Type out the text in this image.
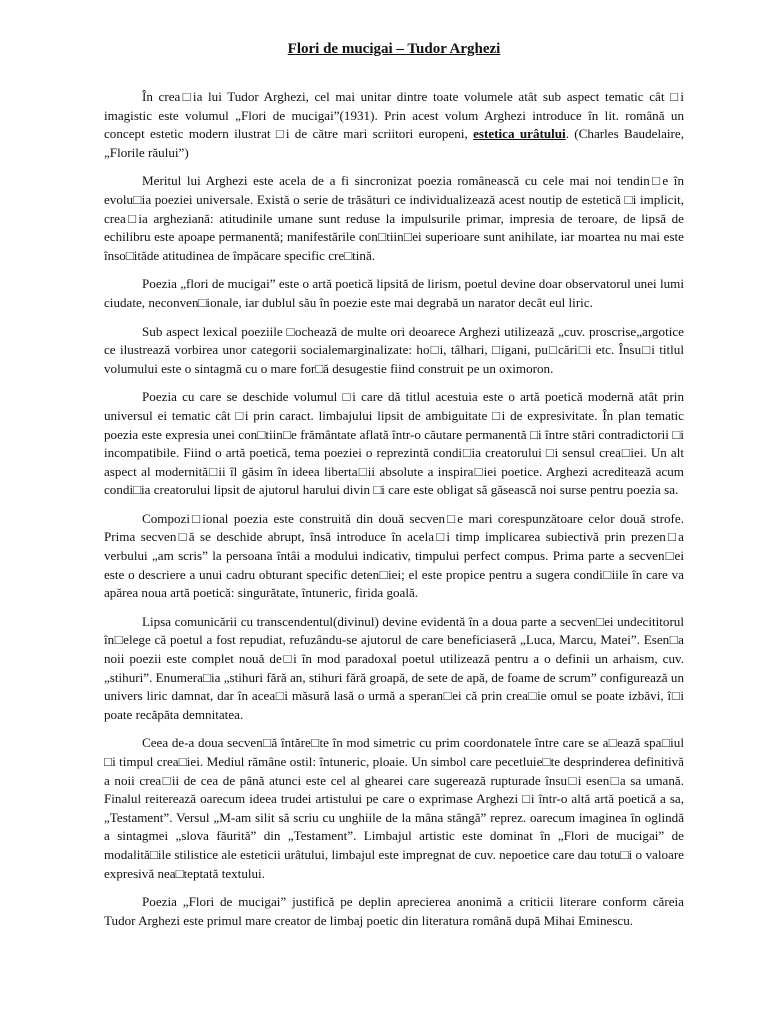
Flori de mucigai – Tudor Arghezi

În crea□ia lui Tudor Arghezi, cel mai unitar dintre toate volumele atât sub aspect tematic cât □i imagistic este volumul „Flori de mucigai”(1931). Prin acest volum Arghezi introduce în lit. română un concept estetic modern ilustrat □i de către mari scriitori europeni, estetica urâtului. (Charles Baudelaire, „Florile răului”)

Meritul lui Arghezi este acela de a fi sincronizat poezia românească cu cele mai noi tendin□e în evolu□ia poeziei universale. Există o serie de trăsături ce individualizează acest noutip de estetică □i implicit, crea□ia argheziană: atitudinile umane sunt reduse la impulsurile primar, impresia de teroare, de lipsă de echilibru este apoape permanentă; manifestările con□tiin□ei superioare sunt anihilate, iar moartea nu mai este înso□ităde atitudinea de împăcare specific cre□tină.

Poezia „flori de mucigai” este o artă poetică lipsită de lirism, poetul devine doar observatorul unei lumi ciudate, neconven□ionale, iar dublul său în poezie este mai degrabă un narator decât eul liric.

Sub aspect lexical poeziile □ochează de multe ori deoarece Arghezi utilizează „cuv. proscrise„argotice ce ilustrează vorbirea unor categorii socialemarginalizate: ho□i, tâlhari, □igani, pu□cări□i etc. Însu□i titlul volumului este o sintagmă cu o mare for□ă desugestie fiind construit pe un oximoron.

Poezia cu care se deschide volumul □i care dă titlul acestuia este o artă poetică modernă atât prin universul ei tematic cât □i prin caract. limbajului lipsit de ambiguitate □i de expresivitate. În plan tematic poezia este expresia unei con□tiin□e frământate aflată într-o căutare permanentă □i între stări contradictorii □i incompatibile. Fiind o artă poetică, tema poeziei o reprezintă condi□ia creatorului □i sensul crea□iei. Un alt aspect al modernită□ii îl găsim în ideea liberta□ii absolute a inspira□iei poetice. Arghezi acreditează acum condi□ia creatorului lipsit de ajutorul harului divin □i care este obligat să găsească noi surse pentru poezia sa.

Compozi□ional poezia este construită din două secven□e mari corespunzătoare celor două strofe. Prima secven□ă se deschide abrupt, însă introduce în acela□i timp implicarea subiectivă prin prezen□a verbului „am scris” la persoana întâi a modului indicativ, timpului perfect compus. Prima parte a secven□ei este o descriere a unui cadru obturant specific deten□iei; el este propice pentru a sugera condi□iile în care va apărea noua artă poetică: singurătate, întuneric, firida goală.

Lipsa comunicării cu transcendentul(divinul) devine evidentă în a doua parte a secven□ei undecititorul în□elege că poetul a fost repudiat, refuzându-se ajutorul de care beneficiaseră „Luca, Marcu, Matei”. Esen□a noii poezii este complet nouă de□i în mod paradoxal poetul utilizează pentru a o definii un arhaism, cuv. „stihuri”. Enumera□ia „stihuri fără an, stihuri fără groapă, de sete de apă, de foame de scrum” configurează un univers liric damnat, dar în acea□i măsură lasă o urmă a speran□ei că prin crea□ie omul se poate izbăvi, î□i poate recăpăta demnitatea.

Ceea de-a doua secven□ă întăre□te în mod simetric cu prim coordonatele între care se a□ează spa□iul □i timpul crea□iei. Mediul rămâne ostil: întuneric, ploaie. Un simbol care pecetluie□te desprinderea definitivă a noii crea□ii de cea de până atunci este cel al ghearei care sugerează rupturade însu□i esen□a sa umană. Finalul reiterează oarecum ideea trudei artistului pe care o exprimase Arghezi □i într-o altă artă poetică a sa, „Testament”. Versul „M-am silit să scriu cu unghiile de la mâna stângă” reprez. oarecum imaginea în oglindă a sintagmei „slova făurită” din „Testament”. Limbajul artistic este dominat în „Flori de mucigai” de modalită□ile stilistice ale esteticii urâtului, limbajul este impregnat de cuv. nepoetice care dau totu□i o valoare expresivă nea□teptată textului.

Poezia „Flori de mucigai” justifică pe deplin aprecierea anonimă a criticii literare conform căreia Tudor Arghezi este primul mare creator de limbaj poetic din literatura română după Mihai Eminescu.
